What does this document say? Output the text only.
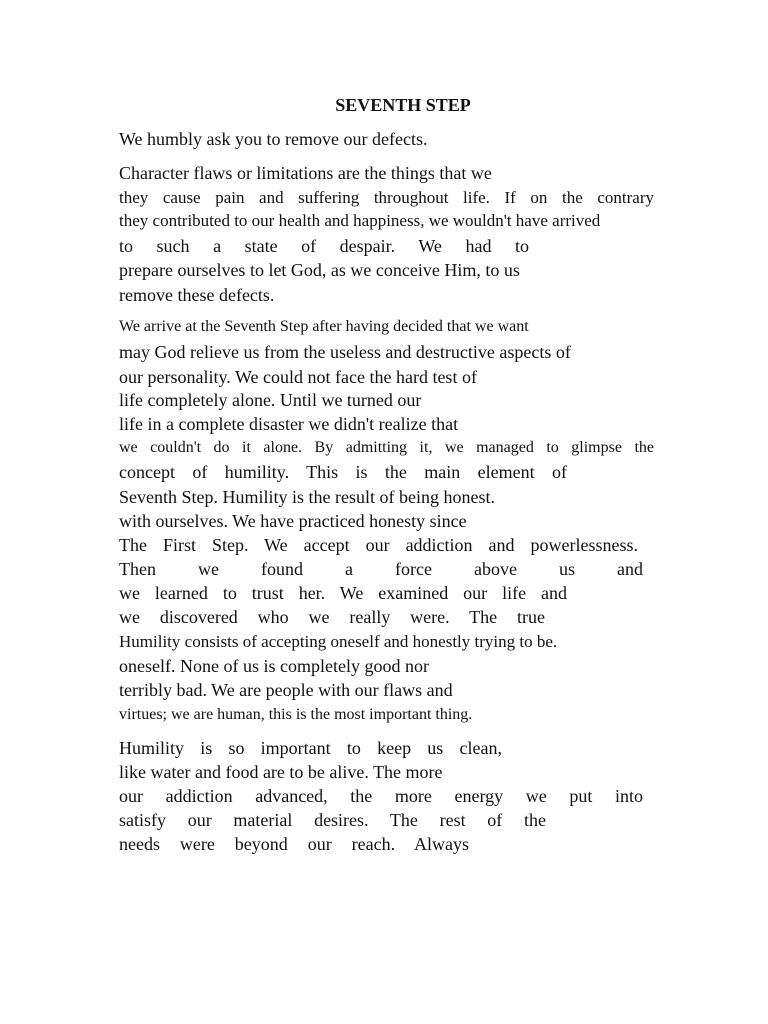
SEVENTH STEP
We humbly ask you to remove our defects.
Character flaws or limitations are the things that we
they cause pain and suffering throughout life. If on the contrary
they contributed to our health and happiness, we wouldn't have arrived
to such a state of despair. We had to
prepare ourselves to let God, as we conceive Him, to us
remove these defects.
We arrive at the Seventh Step after having decided that we want
may God relieve us from the useless and destructive aspects of
our personality. We could not face the hard test of
life completely alone. Until we turned our
life in a complete disaster we didn't realize that
we couldn't do it alone. By admitting it, we managed to glimpse the
concept of humility. This is the main element of
Seventh Step. Humility is the result of being honest.
with ourselves. We have practiced honesty since
The First Step. We accept our addiction and powerlessness.
Then we found a force above us and
we learned to trust her. We examined our life and
we discovered who we really were. The true
Humility consists of accepting oneself and honestly trying to be.
oneself. None of us is completely good nor
terribly bad. We are people with our flaws and
virtues; we are human, this is the most important thing.
Humility is so important to keep us clean,
like water and food are to be alive. The more
our addiction advanced, the more energy we put into
satisfy our material desires. The rest of the
needs were beyond our reach. Always
